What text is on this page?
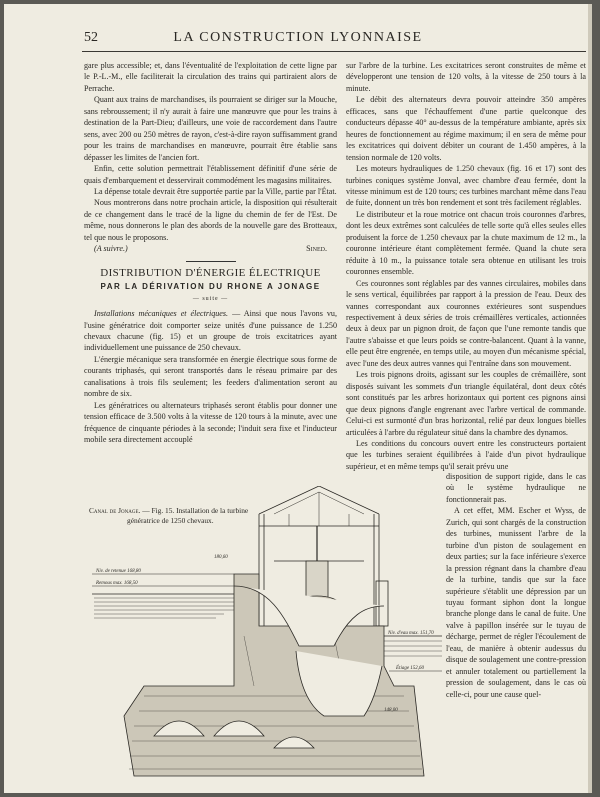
52	LA CONSTRUCTION LYONNAISE

gare plus accessible; et, dans l'éventualité de l'exploitation de cette ligne par le P.-L.-M., elle faciliterait la circulation des trains qui partiraient alors de Perrache.

Quant aux trains de marchandises, ils pourraient se diriger sur la Mouche, sans rebroussement; il n'y aurait à faire une manœuvre que pour les trains à destination de la Part-Dieu; d'ailleurs, une voie de raccordement dans l'autre sens, avec 200 ou 250 mètres de rayon, c'est-à-dire rayon suffisamment grand pour les trains de marchandises en manœuvre, pourrait être établie sans dépasser les limites de l'ancien fort.

Enfin, cette solution permettrait l'établissement définitif d'une série de quais d'embarquement et desservirait commodément les magasins militaires.

La dépense totale devrait être supportée partie par la Ville, partie par l'État.

Nous montrerons dans notre prochain article, la disposition qui résulterait de ce changement dans le tracé de la ligne du chemin de fer de l'Est. De même, nous donnerons le plan des abords de la nouvelle gare des Brotteaux, tel que nous le proposons.

(A suivre.)	Sined.

DISTRIBUTION D'ÉNERGIE ÉLECTRIQUE
PAR LA DÉRIVATION DU RHONE A JONAGE
— suite —

Installations mécaniques et électriques. — Ainsi que nous l'avons vu, l'usine génératrice doit comporter seize unités d'une puissance de 1.250 chevaux chacune (fig. 15) et un groupe de trois excitatrices ayant individuellement une puissance de 250 chevaux.

L'énergie mécanique sera transformée en énergie électrique sous forme de courants triphasés, qui seront transportés dans le réseau primaire par des canalisations à trois fils seulement; les feeders d'alimentation seront au nombre de six.

Les génératrices ou alternateurs triphasés seront établis pour donner une tension efficace de 3.500 volts à la vitesse de 120 tours à la minute, avec une fréquence de cinquante périodes à la seconde; l'induit sera fixe et l'inducteur mobile sera directement accouplé

sur l'arbre de la turbine. Les excitatrices seront construites de même et développeront une tension de 120 volts, à la vitesse de 250 tours à la minute.

Le débit des alternateurs devra pouvoir atteindre 350 ampères efficaces, sans que l'échauffement d'une partie quelconque des conducteurs dépasse 40° au-dessus de la température ambiante, après six heures de fonctionnement au régime maximum; il en sera de même pour les excitatrices qui doivent débiter un courant de 1.450 ampères, à la tension normale de 120 volts.

Les moteurs hydrauliques de 1.250 chevaux (fig. 16 et 17) sont des turbines coniques système Jonval, avec chambre d'eau fermée, dont la vitesse minimum est de 120 tours; ces turbines marchant même dans l'eau de fuite, donnent un très bon rendement et sont très facilement réglables.

Le distributeur et la roue motrice ont chacun trois couronnes d'arbres, dont les deux extrêmes sont calculées de telle sorte qu'à elles seules elles produisent la force de 1.250 chevaux par la chute maximum de 12 m., la couronne intérieure étant complètement fermée. Quand la chute sera réduite à 10 m., la puissance totale sera obtenue en utilisant les trois couronnes ensemble.

Ces couronnes sont réglables par des vannes circulaires, mobiles dans le sens vertical, équilibrées par rapport à la pression de l'eau. Deux des vannes correspondant aux couronnes extérieures sont suspendues respectivement à deux séries de trois crémaillères verticales, actionnées deux à deux par un pignon droit, de façon que l'une remonte tandis que l'autre s'abaisse et que leurs poids se contre-balancent. Quant à la vanne, elle peut être engrenée, en temps utile, au moyen d'un mécanisme spécial, avec l'une des deux autres vannes qui l'entraîne dans son mouvement.

Les trois pignons droits, agissant sur les couples de crémaillère, sont disposés suivant les sommets d'un triangle équilatéral, dont deux côtés sont constitués par les arbres horizontaux qui portent ces pignons ainsi que deux pignons d'angle engrenant avec l'arbre vertical de commande. Celui-ci est surmonté d'un bras horizontal, relié par deux longues bielles articulées à l'arbre du régulateur situé dans la chambre des dynamos.

Les conditions du concours ouvert entre les constructeurs portaient que les turbines seraient équilibrées à l'aide d'un pivot hydraulique supérieur, et en même temps qu'il serait prévu une

disposition de support rigide, dans le cas où le système hydraulique ne fonctionnerait pas.

A cet effet, MM. Escher et Wyss, de Zurich, qui sont chargés de la construction des turbines, munissent l'arbre de la turbine d'un piston de soulagement en deux parties; sur la face inférieure s'exerce la pression régnant dans la chambre d'eau de la turbine, tandis que sur la face supérieure s'établit une dépression par un tuyau formant siphon dont la longue branche plonge dans le canal de fuite. Une valve à papillon insérée sur le tuyau de décharge, permet de régler l'écoulement de l'eau, de manière à obtenir audessus du disque de soulagement une contre-pression et annuler totalement ou partiellement la pression de soulagement, dans le cas où celle-ci, pour une cause quel-

Canal de Jonage. — Fig. 15. Installation de la turbine
génératrice de 1250 chevaux.
Niv. de retenue 168,80
Remous max. 168,50
180,60
Niv. d'eau max. 151,70
Étiage 152,60
148,00
